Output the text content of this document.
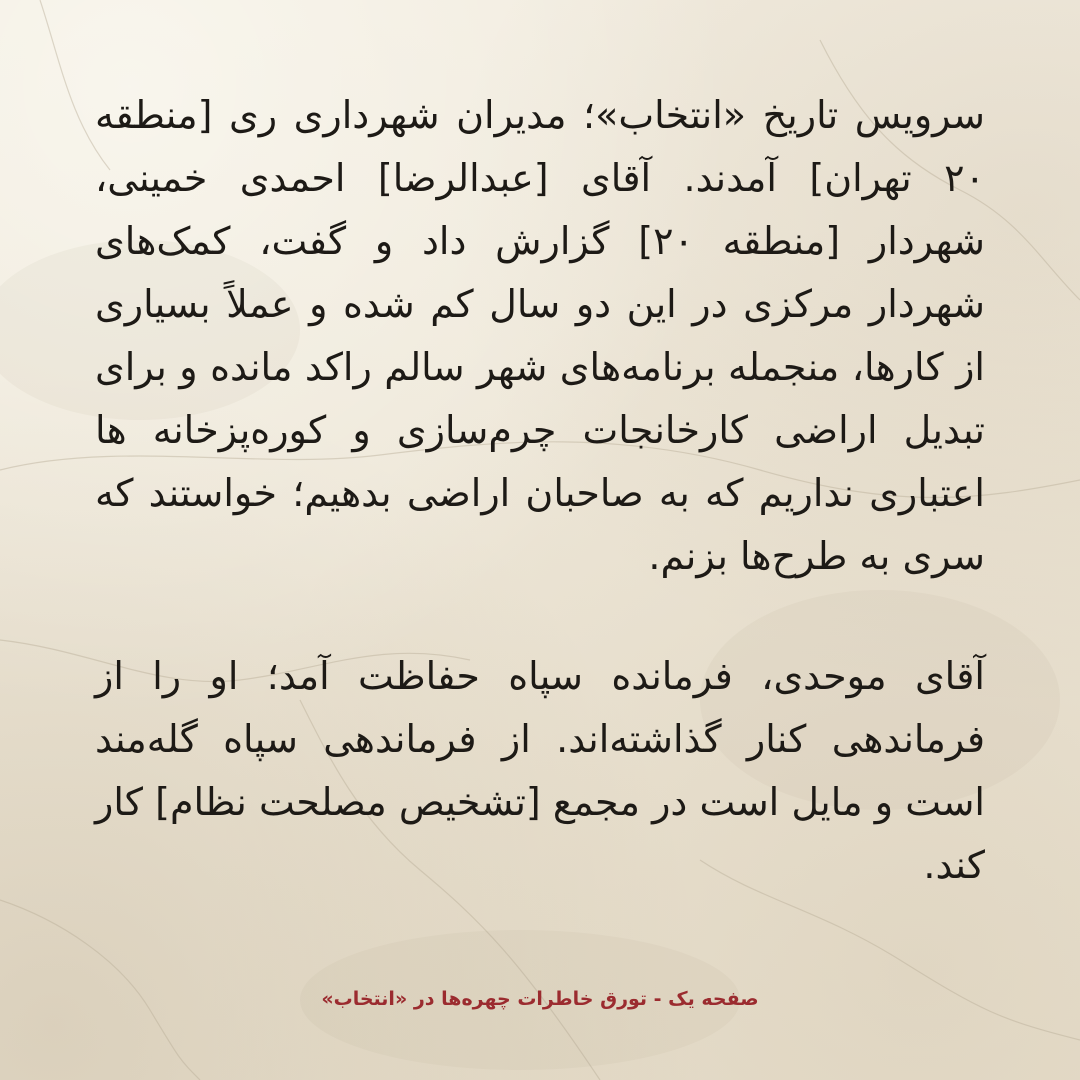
سرویس تاریخ «انتخاب»؛ مدیران شهرداری ری [منطقه ۲۰ تهران] آمدند. آقای [عبدالرضا] احمدی خمینی، شهردار [منطقه ۲۰] گزارش داد و گفت، کمک‌های شهردار مرکزی در این دو سال کم شده و عملاً بسیاری از کارها، منجمله برنامه‌های شهر سالم راکد مانده و برای تبدیل اراضی کارخانجات چرم‌سازی و کوره‌پزخانه ها اعتباری نداریم که به صاحبان اراضی بدهیم؛ خواستند که سری به طرح‌ها بزنم.

آقای موحدی، فرمانده سپاه حفاظت آمد؛ او را از فرماندهی کنار گذاشته‌اند. از فرماندهی سپاه گله‌مند است و مایل است در مجمع [تشخیص مصلحت نظام] کار کند.

صفحه یک - تورق خاطرات چهره‌ها در «انتخاب»
